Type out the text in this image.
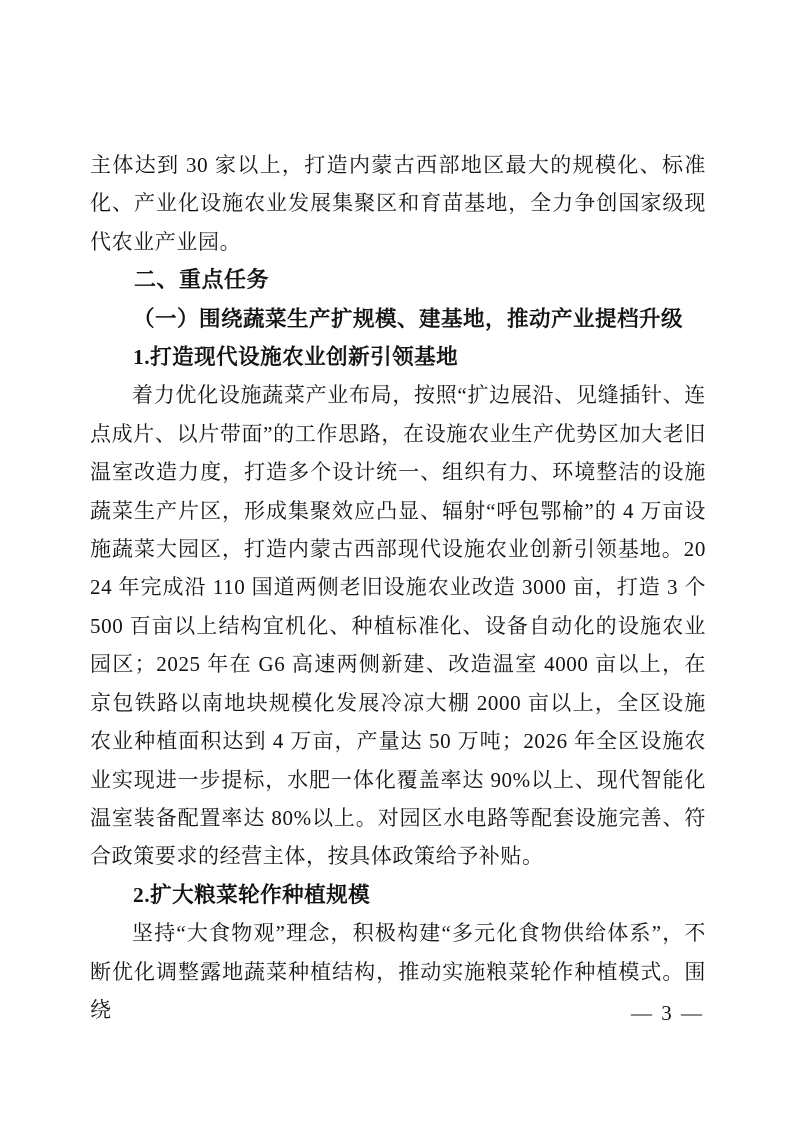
主体达到 30 家以上，打造内蒙古西部地区最大的规模化、标准化、产业化设施农业发展集聚区和育苗基地，全力争创国家级现代农业产业园。

二、重点任务
（一）围绕蔬菜生产扩规模、建基地，推动产业提档升级
1.打造现代设施农业创新引领基地

着力优化设施蔬菜产业布局，按照“扩边展沿、见缝插针、连点成片、以片带面”的工作思路，在设施农业生产优势区加大老旧温室改造力度，打造多个设计统一、组织有力、环境整洁的设施蔬菜生产片区，形成集聚效应凸显、辐射“呼包鄂榆”的 4 万亩设施蔬菜大园区，打造内蒙古西部现代设施农业创新引领基地。2024 年完成沿 110 国道两侧老旧设施农业改造 3000 亩，打造 3 个 500 百亩以上结构宜机化、种植标准化、设备自动化的设施农业园区；2025 年在 G6 高速两侧新建、改造温室 4000 亩以上，在京包铁路以南地块规模化发展冷凉大棚 2000 亩以上，全区设施农业种植面积达到 4 万亩，产量达 50 万吨；2026 年全区设施农业实现进一步提标，水肥一体化覆盖率达 90%以上、现代智能化温室装备配置率达 80%以上。对园区水电路等配套设施完善、符合政策要求的经营主体，按具体政策给予补贴。

2.扩大粮菜轮作种植规模

坚持“大食物观”理念，积极构建“多元化食物供给体系”，不断优化调整露地蔬菜种植结构，推动实施粮菜轮作种植模式。围绕	— 3 —
